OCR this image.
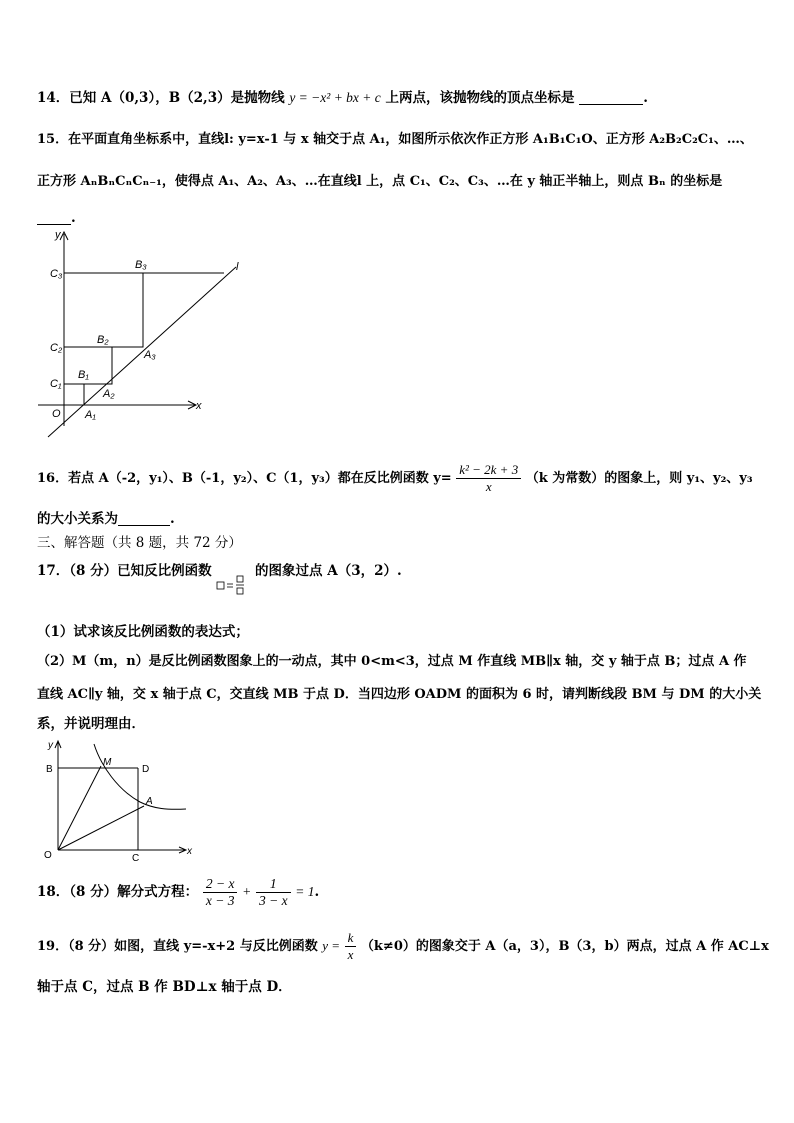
14．已知 A（0,3），B（2,3）是抛物线 y = −x² + bx + c 上两点，该抛物线的顶点坐标是	.
15．在平面直角坐标系中，直线l: y=x-1 与 x 轴交于点 A₁，如图所示依次作正方形 A₁B₁C₁O、正方形 A₂B₂C₂C₁、…、
正方形 AₙBₙCₙCₙ₋₁，使得点 A₁、A₂、A₃、…在直线l 上，点 C₁、C₂、C₃、…在 y 轴正半轴上，则点 Bₙ 的坐标是
.
y
x
l
O
C₃
C₂
C₁
B₃
B₂
B₁
A₃
A₂
A₁
16．若点 A（-2，y₁）、B（-1，y₂）、C（1，y₃）都在反比例函数 $y= \frac{\text{k² − 2k + 3}}{x} (k$ 为常数）的图象上，则 y₁、y₂、y₃
的大小关系为	.
三、解答题（共 8 题，共 72 分）
17．（8 分）已知反比例函数	的图象过点 A（3，2）.
（1）试求该反比例函数的表达式；
（2）M（m，n）是反比例函数图象上的一动点，其中 0<m<3，过点 M 作直线 MB∥x 轴，交 y 轴于点 B；过点 A 作
直线 AC∥y 轴，交 x 轴于点 C，交直线 MB 于点 D．当四边形 OADM 的面积为 6 时，请判断线段 BM 与 DM 的大小关
系，并说明理由．
y
x
O
B
M
D
A
C
18．（8 分）解分式方程： $\frac{2 - x}{x - 3} + \frac{1}{3 - x} = 1$.
19．（8 分）如图，直线 y=-x+2 与反比例函数 $y = \frac{k}{x} (k\ne 0)$的图象交于 A（a，3），B（3，b）两点，过点 A 作 AC⊥x
轴于点 C，过点 B 作 BD⊥x 轴于点 D．
